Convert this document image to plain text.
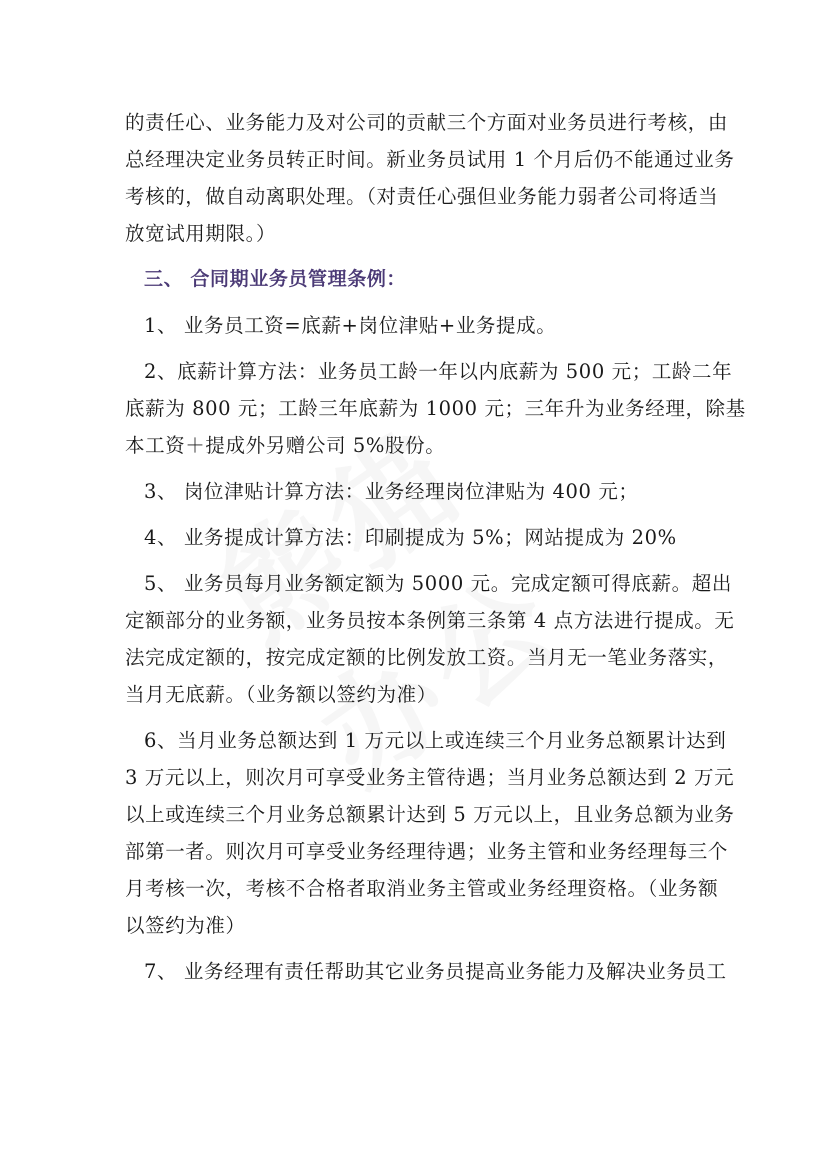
的责任心、业务能力及对公司的贡献三个方面对业务员进行考核，由
总经理决定业务员转正时间。新业务员试用 1 个月后仍不能通过业务
考核的，做自动离职处理。（对责任心强但业务能力弱者公司将适当
放宽试用期限。）
三、 合同期业务员管理条例：
1、 业务员工资=底薪+岗位津贴+业务提成。
2、底薪计算方法：业务员工龄一年以内底薪为 500 元；工龄二年
底薪为 800 元；工龄三年底薪为 1000 元；三年升为业务经理，除基
本工资＋提成外另赠公司 5%股份。
3、 岗位津贴计算方法：业务经理岗位津贴为 400 元；
4、 业务提成计算方法：印刷提成为 5%；网站提成为 20%
5、 业务员每月业务额定额为 5000 元。完成定额可得底薪。超出
定额部分的业务额，业务员按本条例第三条第 4 点方法进行提成。无
法完成定额的，按完成定额的比例发放工资。当月无一笔业务落实，
当月无底薪。（业务额以签约为准）
6、当月业务总额达到 1 万元以上或连续三个月业务总额累计达到
3 万元以上，则次月可享受业务主管待遇；当月业务总额达到 2 万元
以上或连续三个月业务总额累计达到 5 万元以上，且业务总额为业务
部第一者。则次月可享受业务经理待遇；业务主管和业务经理每三个
月考核一次，考核不合格者取消业务主管或业务经理资格。（业务额
以签约为准）
7、 业务经理有责任帮助其它业务员提高业务能力及解决业务员工
